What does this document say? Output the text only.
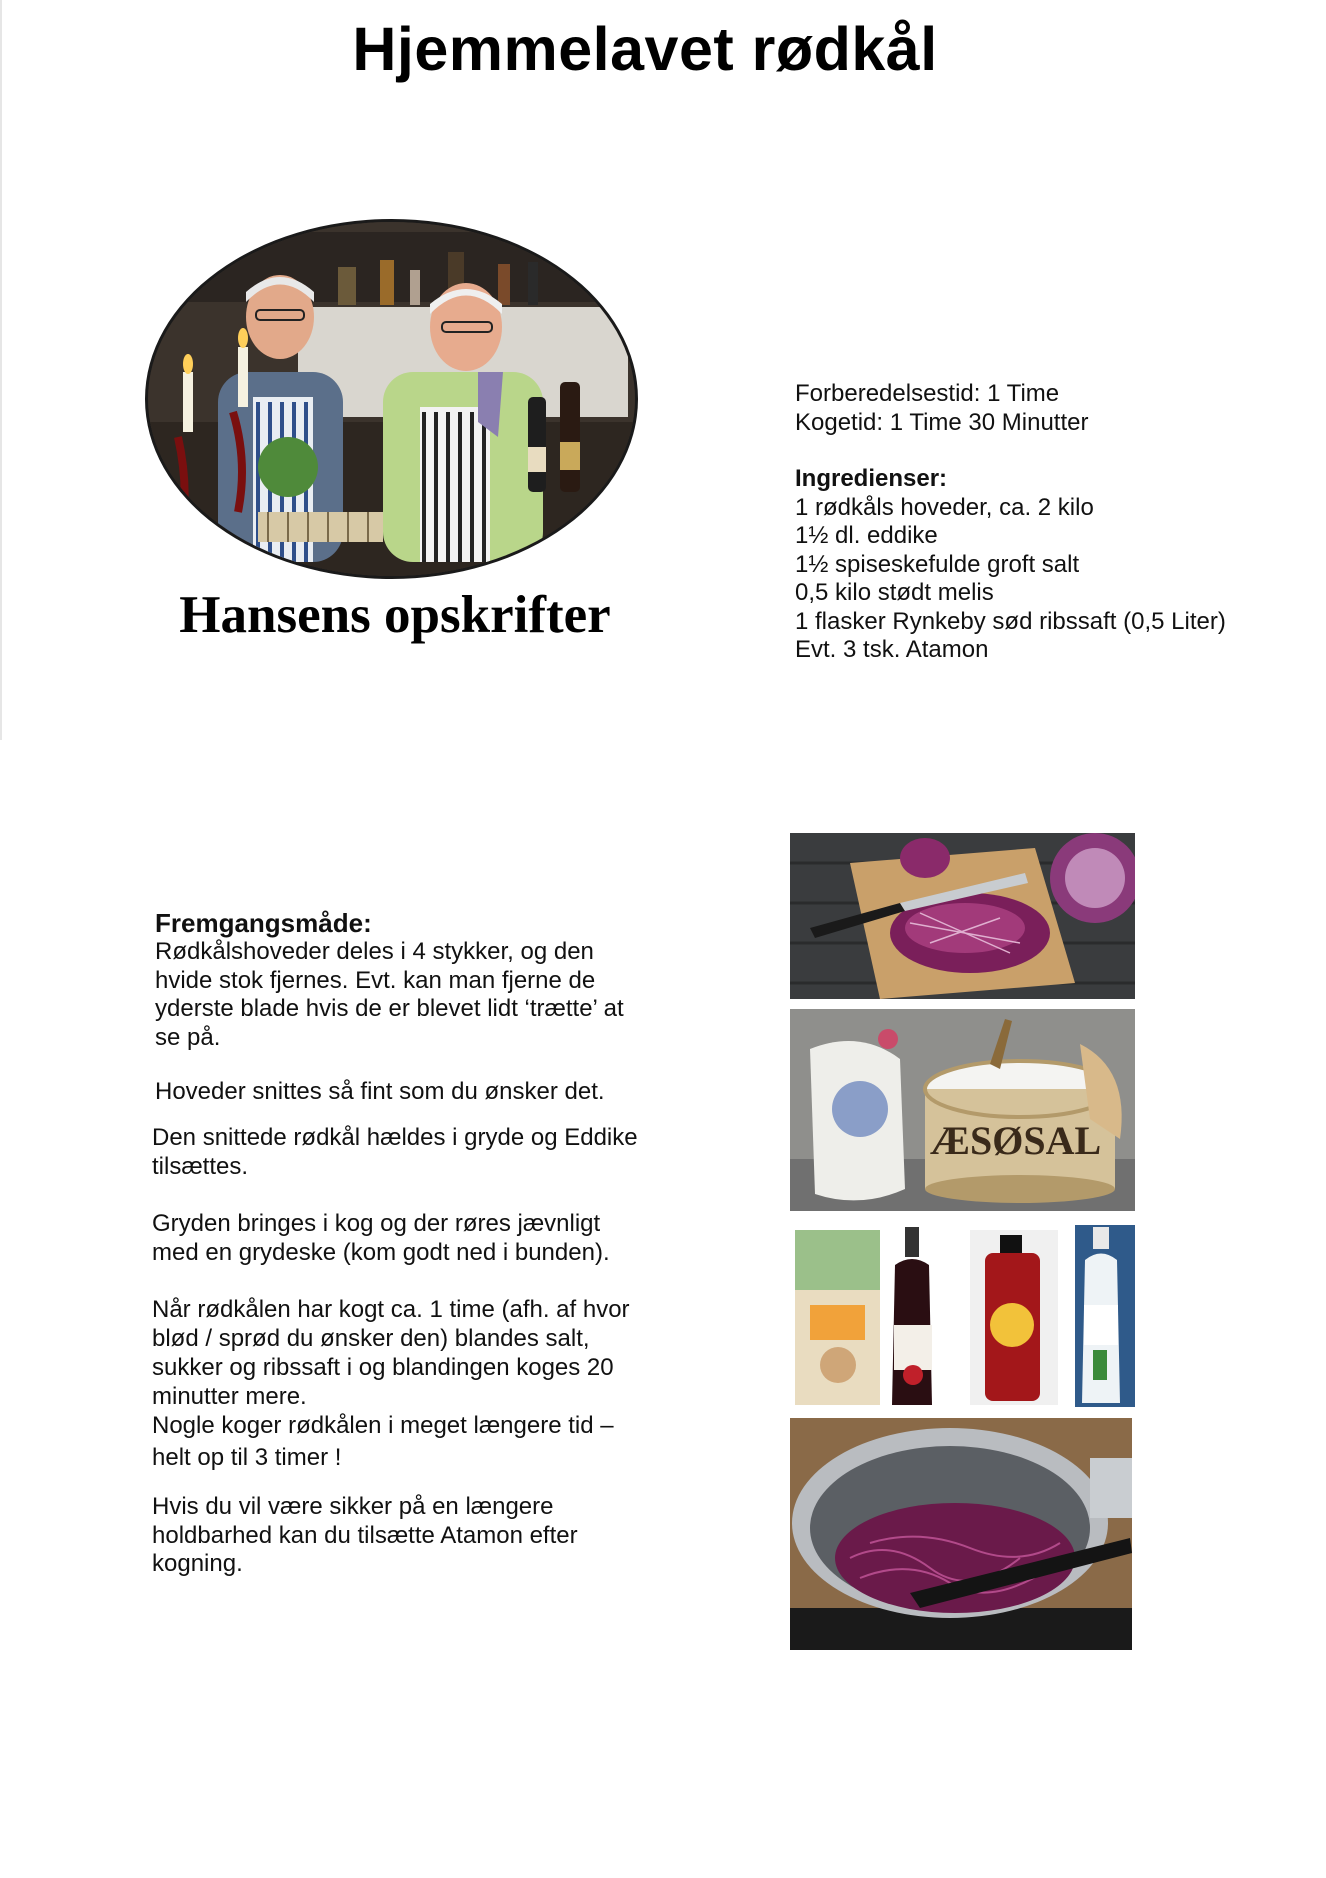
Hjemmelavet rødkål
Hansens opskrifter
Forberedelsestid: 1 Time
Kogetid: 1 Time 30 Minutter
Ingredienser:
1 rødkåls hoveder, ca. 2 kilo
1½ dl. eddike
1½ spiseskefulde groft salt
0,5 kilo stødt melis
1 flasker Rynkeby sød ribssaft (0,5 Liter)
Evt. 3 tsk. Atamon
Fremgangsmåde:
Rødkålshoveder deles i 4 stykker, og den
hvide stok fjernes. Evt. kan man fjerne de
yderste blade hvis de er blevet lidt ‘trætte’ at
se på.
Hoveder snittes så fint som du ønsker det.
Den snittede rødkål hældes i gryde og Eddike
tilsættes.
Gryden bringes i kog og der røres jævnligt
med en grydeske (kom godt ned i bunden).
Når rødkålen har kogt ca. 1 time (afh. af hvor
blød / sprød du ønsker den) blandes salt,
sukker og ribssaft i og blandingen koges 20
minutter mere.
Nogle koger rødkålen i meget længere tid –
helt op til 3 timer !
Hvis du vil være sikker på en længere
holdbarhed kan du tilsætte Atamon efter
kogning.
ÆSØSAL
